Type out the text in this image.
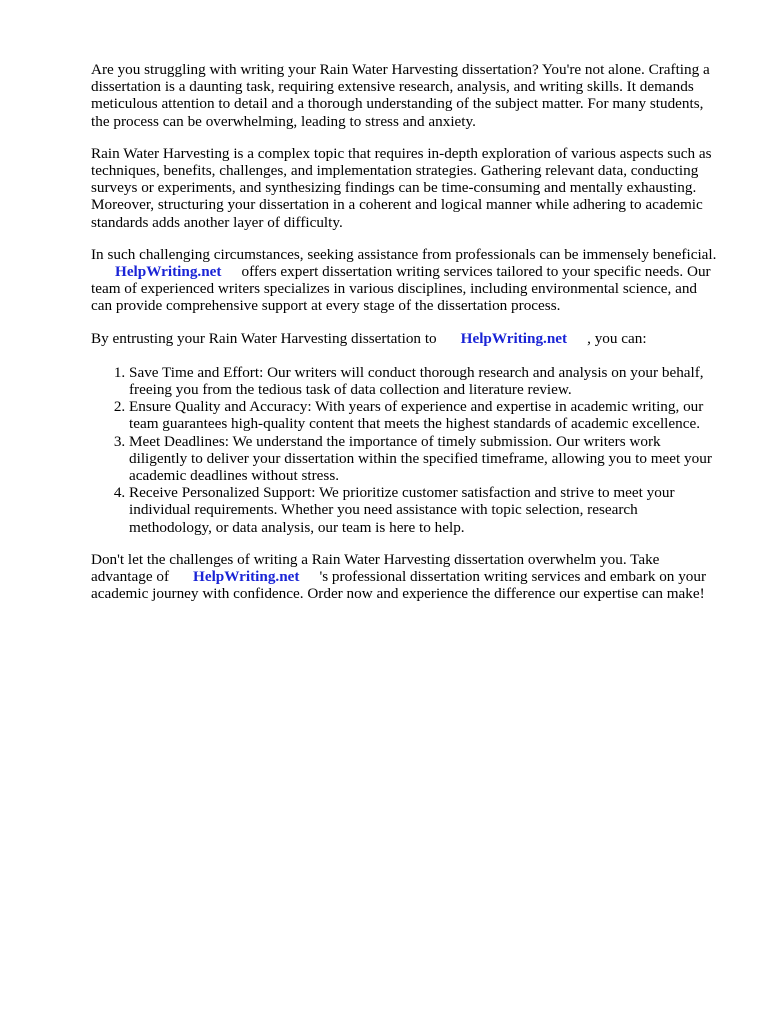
Are you struggling with writing your Rain Water Harvesting dissertation? You're not alone. Crafting a dissertation is a daunting task, requiring extensive research, analysis, and writing skills. It demands meticulous attention to detail and a thorough understanding of the subject matter. For many students, the process can be overwhelming, leading to stress and anxiety.

Rain Water Harvesting is a complex topic that requires in-depth exploration of various aspects such as techniques, benefits, challenges, and implementation strategies. Gathering relevant data, conducting surveys or experiments, and synthesizing findings can be time-consuming and mentally exhausting. Moreover, structuring your dissertation in a coherent and logical manner while adhering to academic standards adds another layer of difficulty.

In such challenging circumstances, seeking assistance from professionals can be immensely beneficial.HelpWriting.net offers expert dissertation writing services tailored to your specific needs. Our team of experienced writers specializes in various disciplines, including environmental science, and can provide comprehensive support at every stage of the dissertation process.

By entrusting your Rain Water Harvesting dissertation to HelpWriting.net , you can:

1. Save Time and Effort: Our writers will conduct thorough research and analysis on your behalf, freeing you from the tedious task of data collection and literature review.
2. Ensure Quality and Accuracy: With years of experience and expertise in academic writing, our team guarantees high-quality content that meets the highest standards of academic excellence.
3. Meet Deadlines: We understand the importance of timely submission. Our writers work diligently to deliver your dissertation within the specified timeframe, allowing you to meet your academic deadlines without stress.
4. Receive Personalized Support: We prioritize customer satisfaction and strive to meet your individual requirements. Whether you need assistance with topic selection, research methodology, or data analysis, our team is here to help.

Don't let the challenges of writing a Rain Water Harvesting dissertation overwhelm you. Take advantage of HelpWriting.net 's professional dissertation writing services and embark on your academic journey with confidence. Order now and experience the difference our expertise can make!
